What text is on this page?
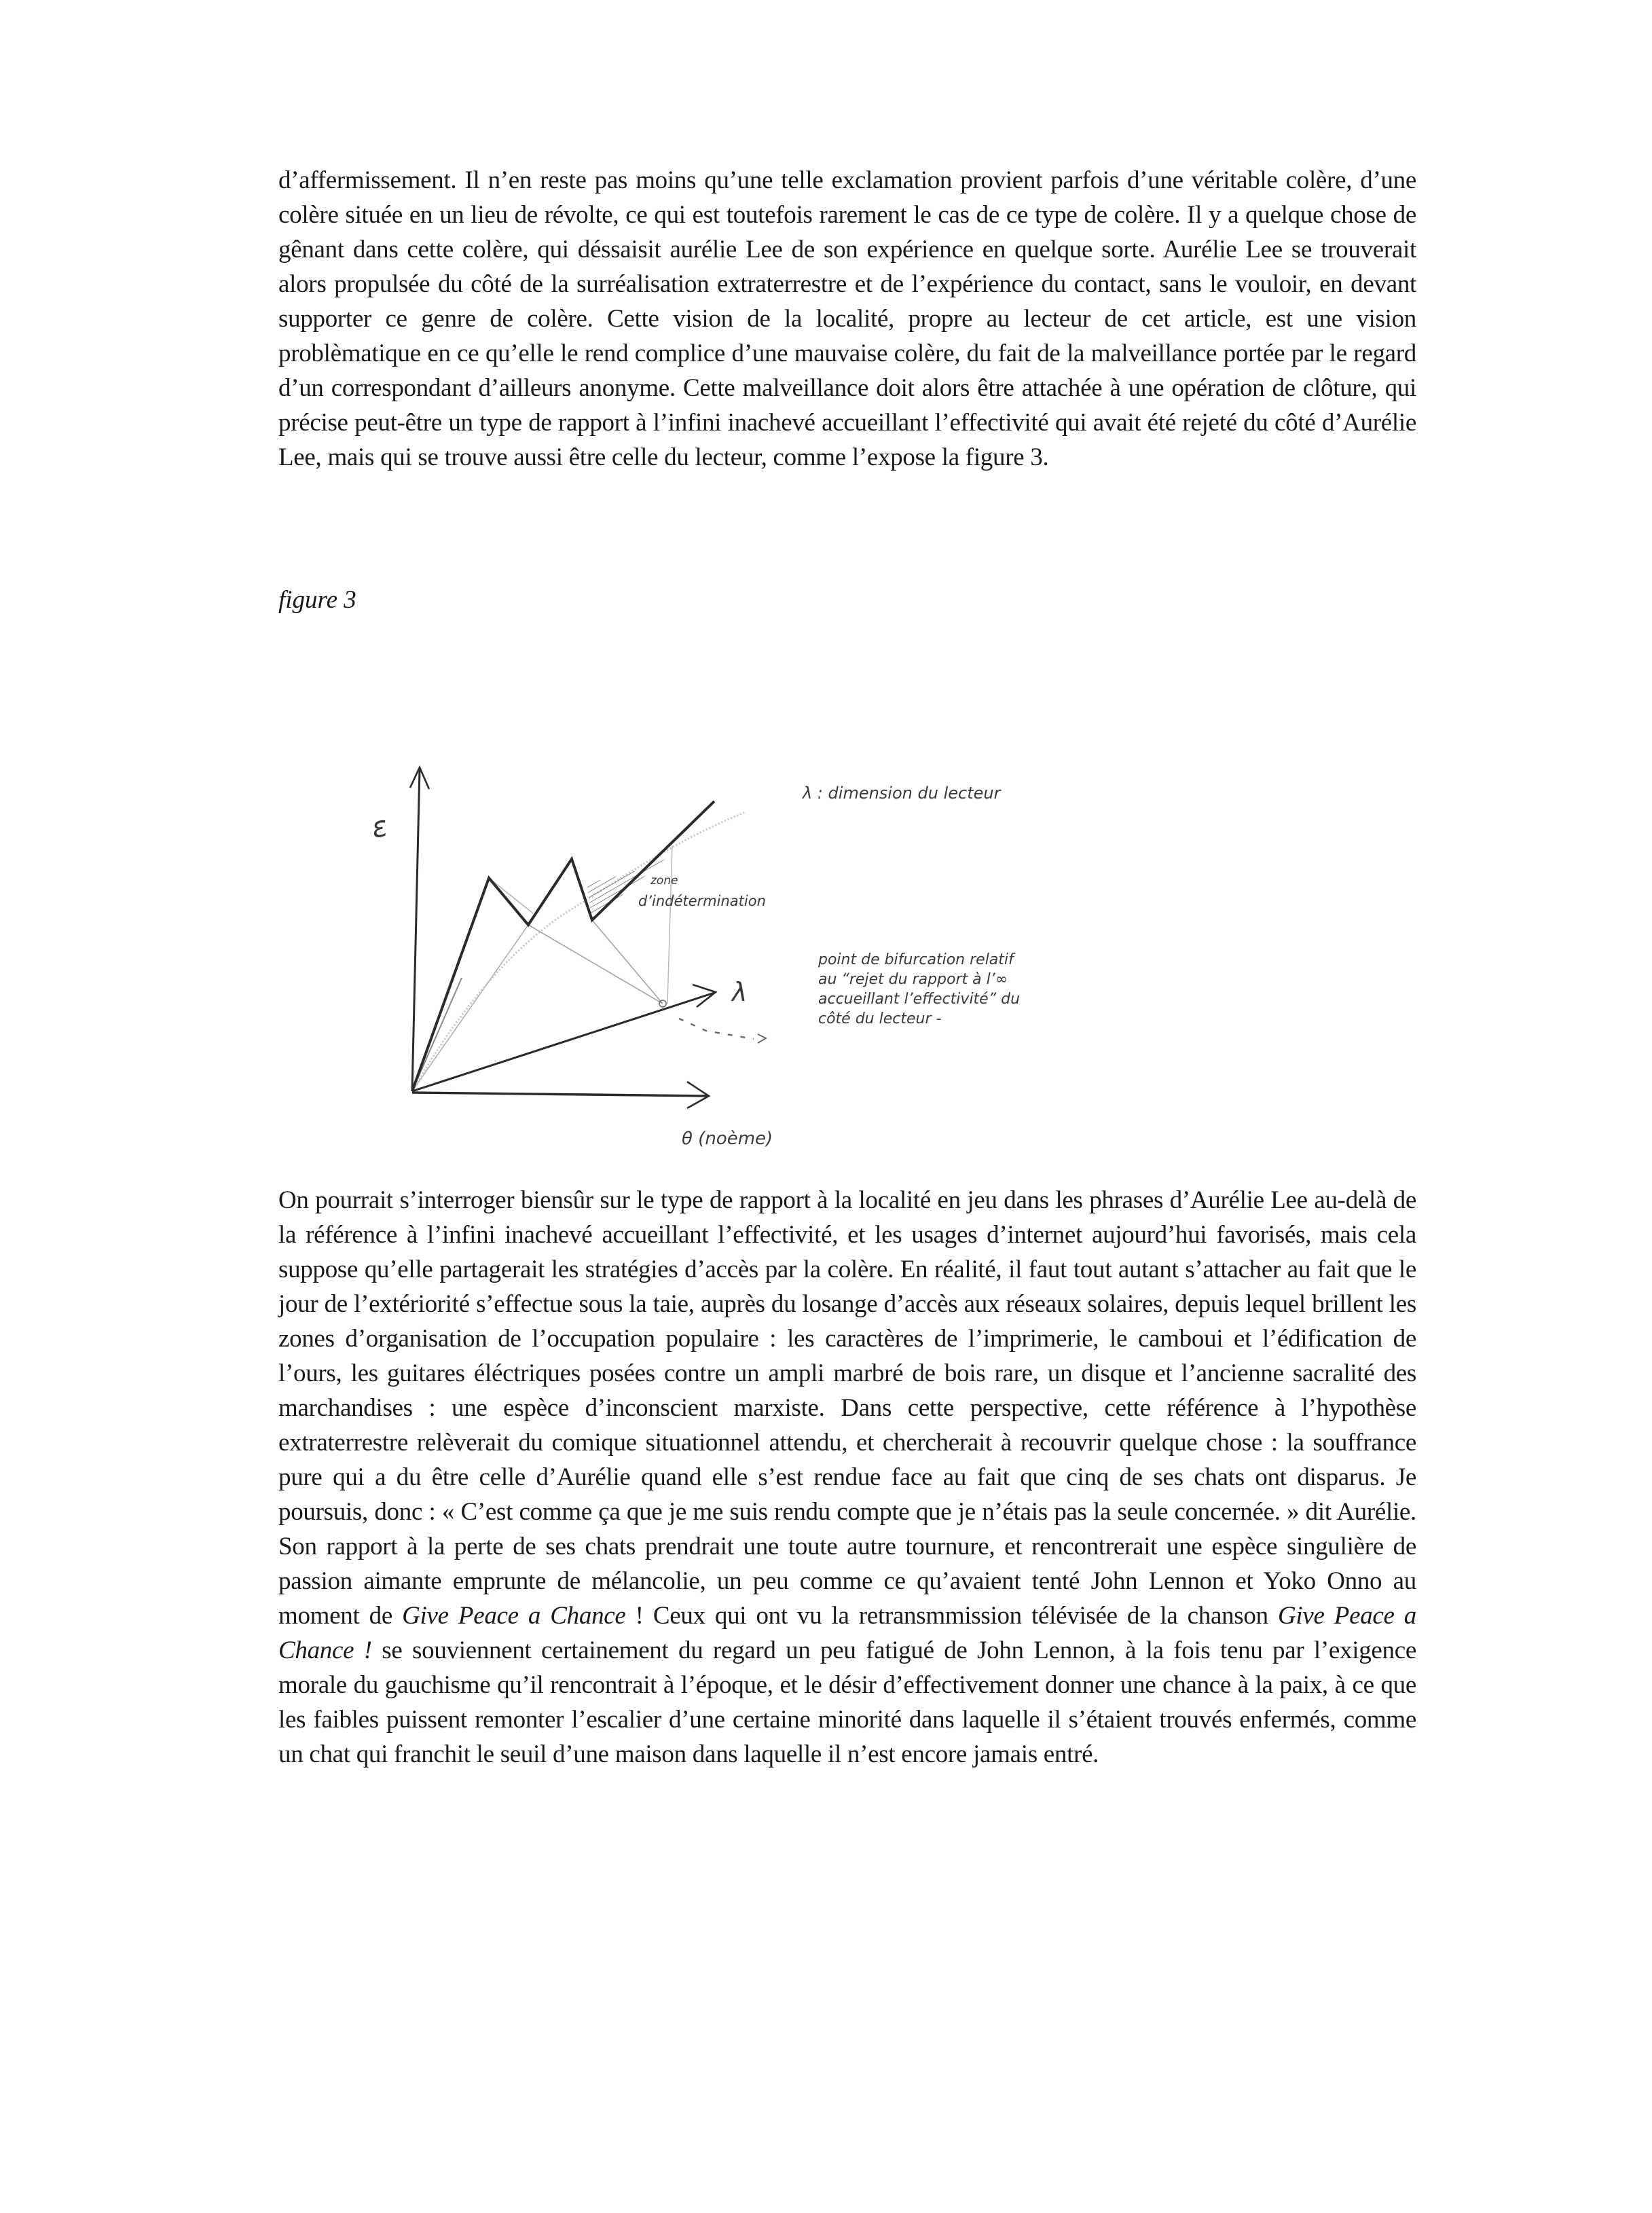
d’affermissement. Il n’en reste pas moins qu’une telle exclamation provient parfois d’une véritable colère, d’une colère située en un lieu de révolte, ce qui est toutefois rarement le cas de ce type de colère. Il y a quelque chose de gênant dans cette colère, qui déssaisit aurélie Lee de son expérience en quelque sorte. Aurélie Lee se trouverait alors propulsée du côté de la surréalisation extraterrestre et de l’expérience du contact, sans le vouloir, en devant supporter ce genre de colère. Cette vision de la localité, propre au lecteur de cet article, est une vision problèmatique en ce qu’elle le rend complice d’une mauvaise colère, du fait de la malveillance portée par le regard d’un correspondant d’ailleurs anonyme. Cette malveillance doit alors être attachée à une opération de clôture, qui précise peut-être un type de rapport à l’infini inachevé accueillant l’effectivité qui avait été rejeté du côté d’Aurélie Lee, mais qui se trouve aussi être celle du lecteur, comme l’expose la figure 3.

figure 3
ε
λ
θ (noème)
zone
d’indétermination
λ : dimension du lecteur
point de bifurcation relatif
au “rejet du rapport à l’∞
accueillant l’effectivité” du
côté du lecteur -

On pourrait s’interroger biensûr sur le type de rapport à la localité en jeu dans les phrases d’Aurélie Lee au-delà de la référence à l’infini inachevé accueillant l’effectivité, et les usages d’internet aujourd’hui favorisés, mais cela suppose qu’elle partagerait les stratégies d’accès par la colère. En réalité, il faut tout autant s’attacher au fait que le jour de l’extériorité s’effectue sous la taie, auprès du losange d’accès aux réseaux solaires, depuis lequel brillent les zones d’organisation de l’occupation populaire : les caractères de l’imprimerie, le camboui et l’édification de l’ours, les guitares éléctriques posées contre un ampli marbré de bois rare, un disque et l’ancienne sacralité des marchandises : une espèce d’inconscient marxiste. Dans cette perspective, cette référence à l’hypothèse extraterrestre relèverait du comique situationnel attendu, et chercherait à recouvrir quelque chose : la souffrance pure qui a du être celle d’Aurélie quand elle s’est rendue face au fait que cinq de ses chats ont disparus. Je poursuis, donc : « C’est comme ça que je me suis rendu compte que je n’étais pas la seule concernée. » dit Aurélie. Son rapport à la perte de ses chats prendrait une toute autre tournure, et rencontrerait une espèce singulière de passion aimante emprunte de mélancolie, un peu comme ce qu’avaient tenté John Lennon et Yoko Onno au moment de Give Peace a Chance ! Ceux qui ont vu la retransmmission télévisée de la chanson Give Peace a Chance ! se souviennent certainement du regard un peu fatigué de John Lennon, à la fois tenu par l’exigence morale du gauchisme qu’il rencontrait à l’époque, et le désir d’effectivement donner une chance à la paix, à ce que les faibles puissent remonter l’escalier d’une certaine minorité dans laquelle il s’étaient trouvés enfermés, comme un chat qui franchit le seuil d’une maison dans laquelle il n’est encore jamais entré.
